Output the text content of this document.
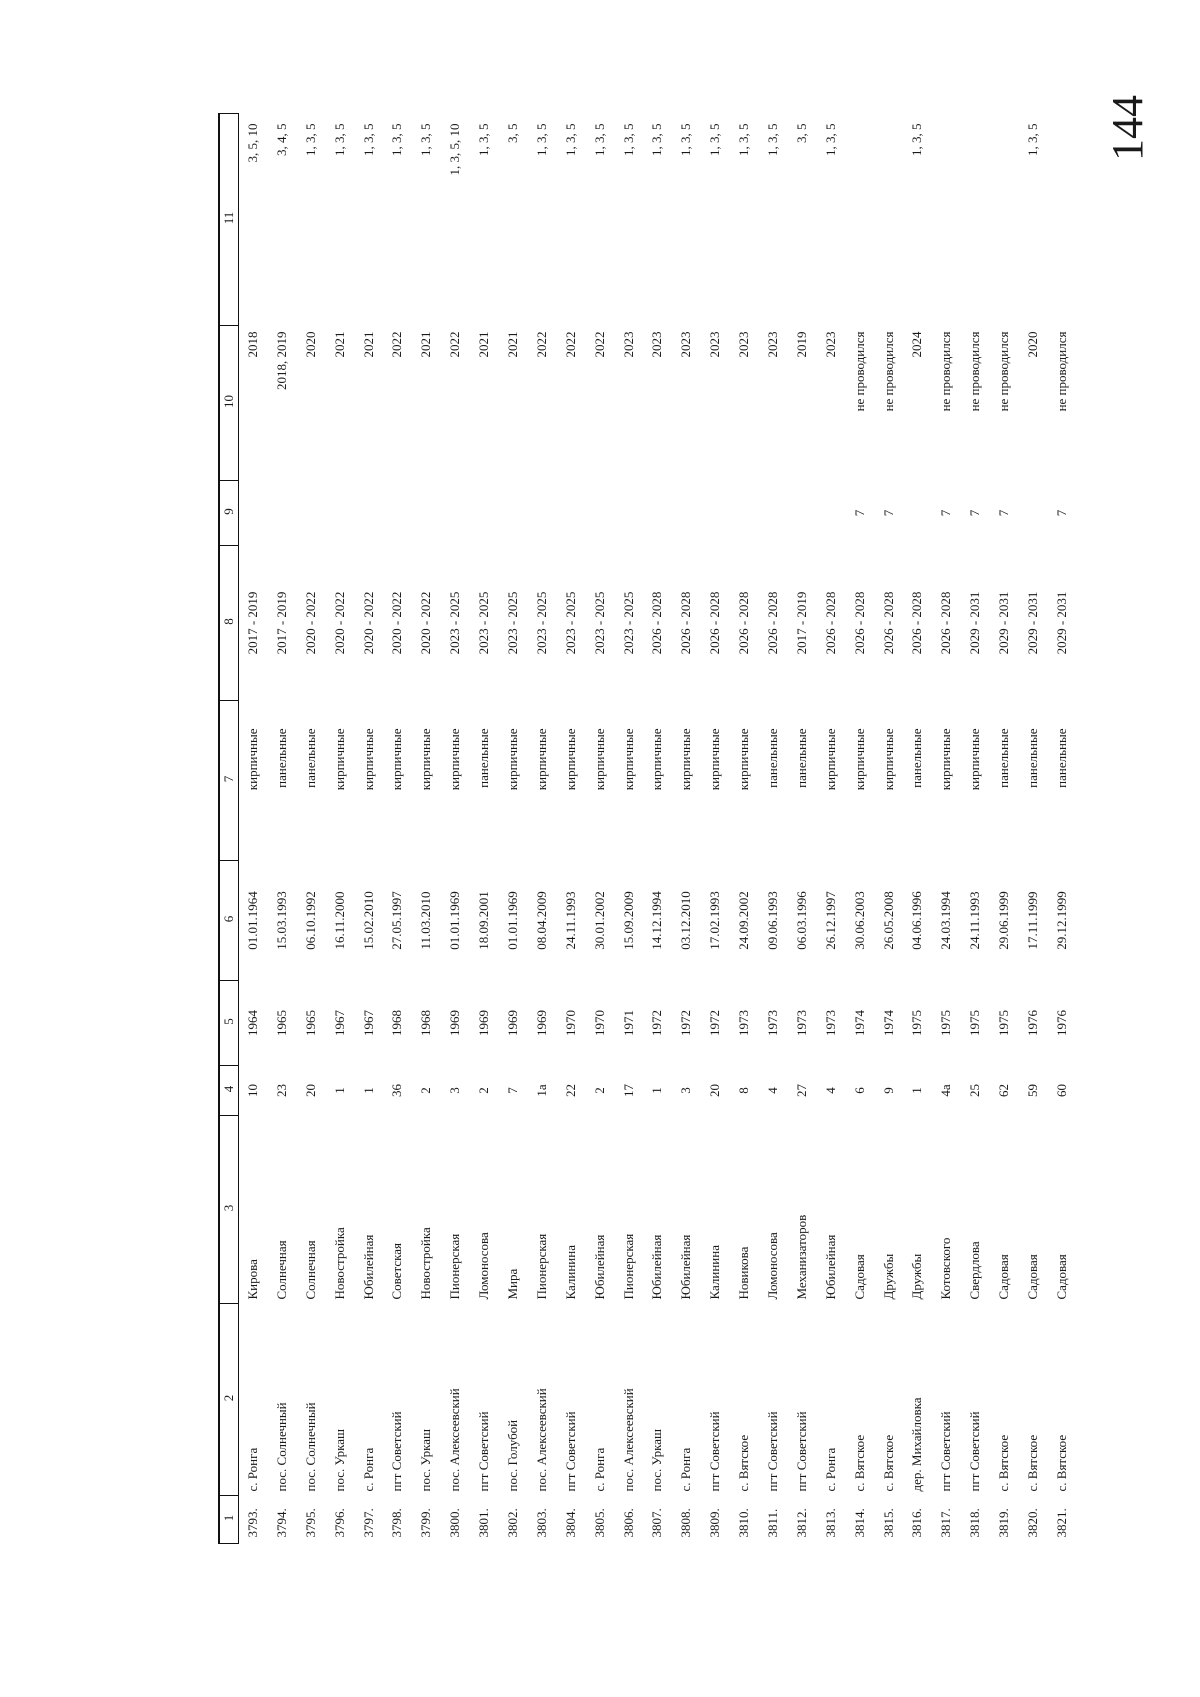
144
1	2	3	4	5	6	7	8	9	10	11
3793.	с. Ронга	Кирова	10	1964	01.01.1964	кирпичные	2017 - 2019		2018	3, 5, 10
3794.	пос. Солнечный	Солнечная	23	1965	15.03.1993	панельные	2017 - 2019		2018, 2019	3, 4, 5
3795.	пос. Солнечный	Солнечная	20	1965	06.10.1992	панельные	2020 - 2022		2020	1, 3, 5
3796.	пос. Уркаш	Новостройка	1	1967	16.11.2000	кирпичные	2020 - 2022		2021	1, 3, 5
3797.	с. Ронга	Юбилейная	1	1967	15.02.2010	кирпичные	2020 - 2022		2021	1, 3, 5
3798.	пгт Советский	Советская	36	1968	27.05.1997	кирпичные	2020 - 2022		2022	1, 3, 5
3799.	пос. Уркаш	Новостройка	2	1968	11.03.2010	кирпичные	2020 - 2022		2021	1, 3, 5
3800.	пос. Алексеевский	Пионерская	3	1969	01.01.1969	кирпичные	2023 - 2025		2022	1, 3, 5, 10
3801.	пгт Советский	Ломоносова	2	1969	18.09.2001	панельные	2023 - 2025		2021	1, 3, 5
3802.	пос. Голубой	Мира	7	1969	01.01.1969	кирпичные	2023 - 2025		2021	3, 5
3803.	пос. Алексеевский	Пионерская	1а	1969	08.04.2009	кирпичные	2023 - 2025		2022	1, 3, 5
3804.	пгт Советский	Калинина	22	1970	24.11.1993	кирпичные	2023 - 2025		2022	1, 3, 5
3805.	с. Ронга	Юбилейная	2	1970	30.01.2002	кирпичные	2023 - 2025		2022	1, 3, 5
3806.	пос. Алексеевский	Пионерская	17	1971	15.09.2009	кирпичные	2023 - 2025		2023	1, 3, 5
3807.	пос. Уркаш	Юбилейная	1	1972	14.12.1994	кирпичные	2026 - 2028		2023	1, 3, 5
3808.	с. Ронга	Юбилейная	3	1972	03.12.2010	кирпичные	2026 - 2028		2023	1, 3, 5
3809.	пгт Советский	Калинина	20	1972	17.02.1993	кирпичные	2026 - 2028		2023	1, 3, 5
3810.	с. Вятское	Новикова	8	1973	24.09.2002	кирпичные	2026 - 2028		2023	1, 3, 5
3811.	пгт Советский	Ломоносова	4	1973	09.06.1993	панельные	2026 - 2028		2023	1, 3, 5
3812.	пгт Советский	Механизаторов	27	1973	06.03.1996	панельные	2017 - 2019		2019	3, 5
3813.	с. Ронга	Юбилейная	4	1973	26.12.1997	кирпичные	2026 - 2028		2023	1, 3, 5
3814.	с. Вятское	Садовая	6	1974	30.06.2003	кирпичные	2026 - 2028	7	не проводился	
3815.	с. Вятское	Дружбы	9	1974	26.05.2008	кирпичные	2026 - 2028	7	не проводился	
3816.	дер. Михайловка	Дружбы	1	1975	04.06.1996	панельные	2026 - 2028		2024	1, 3, 5
3817.	пгт Советский	Котовского	4а	1975	24.03.1994	кирпичные	2026 - 2028	7	не проводился	
3818.	пгт Советский	Свердлова	25	1975	24.11.1993	кирпичные	2029 - 2031	7	не проводился	
3819.	с. Вятское	Садовая	62	1975	29.06.1999	панельные	2029 - 2031	7	не проводился	
3820.	с. Вятское	Садовая	59	1976	17.11.1999	панельные	2029 - 2031		2020	1, 3, 5
3821.	с. Вятское	Садовая	60	1976	29.12.1999	панельные	2029 - 2031	7	не проводился	
